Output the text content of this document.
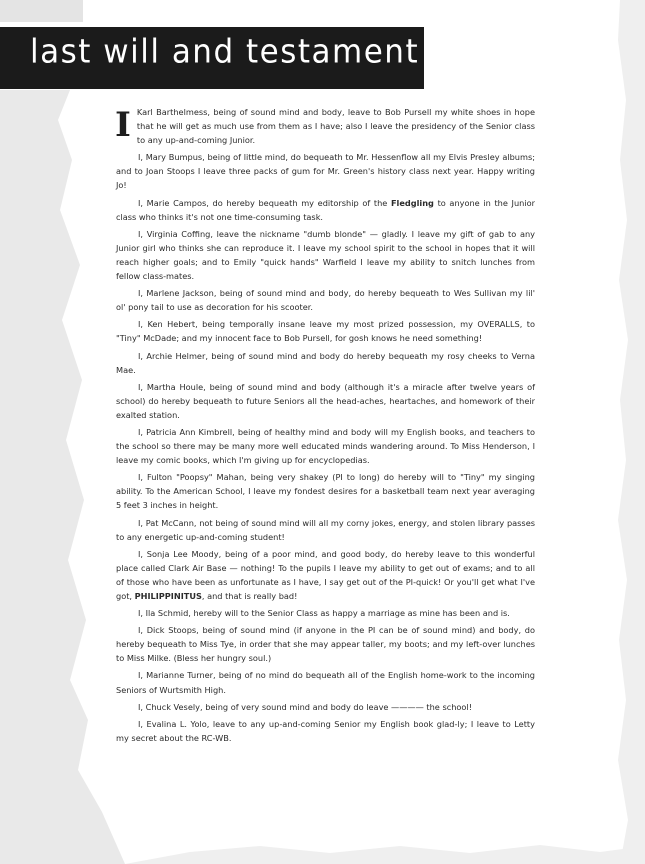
last will and testament

I Karl Barthelmess, being of sound mind and body, leave to Bob Pursell my white shoes in hope that he will get as much use from them as I have; also I leave the presidency of the Senior class to any up-and-coming Junior.

I, Mary Bumpus, being of little mind, do bequeath to Mr. Hessenflow all my Elvis Presley albums; and to Joan Stoops I leave three packs of gum for Mr. Green's history class next year. Happy writing Jo!

I, Marie Campos, do hereby bequeath my editorship of the Fledgling to anyone in the Junior class who thinks it's not one time-consuming task.

I, Virginia Coffing, leave the nickname "dumb blonde" — gladly. I leave my gift of gab to any Junior girl who thinks she can reproduce it. I leave my school spirit to the school in hopes that it will reach higher goals; and to Emily "quick hands" Warfield I leave my ability to snitch lunches from fellow class-mates.

I, Marlene Jackson, being of sound mind and body, do hereby bequeath to Wes Sullivan my lil' ol' pony tail to use as decoration for his scooter.

I, Ken Hebert, being temporally insane leave my most prized possession, my OVERALLS, to "Tiny" McDade; and my innocent face to Bob Pursell, for gosh knows he need something!

I, Archie Helmer, being of sound mind and body do hereby bequeath my rosy cheeks to Verna Mae.

I, Martha Houle, being of sound mind and body (although it's a miracle after twelve years of school) do hereby bequeath to future Seniors all the head-aches, heartaches, and homework of their exalted station.

I, Patricia Ann Kimbrell, being of healthy mind and body will my English books, and teachers to the school so there may be many more well educated minds wandering around. To Miss Henderson, I leave my comic books, which I'm giving up for encyclopedias.

I, Fulton "Poopsy" Mahan, being very shakey (PI to long) do hereby will to "Tiny" my singing ability. To the American School, I leave my fondest desires for a basketball team next year averaging 5 feet 3 inches in height.

I, Pat McCann, not being of sound mind will all my corny jokes, energy, and stolen library passes to any energetic up-and-coming student!

I, Sonja Lee Moody, being of a poor mind, and good body, do hereby leave to this wonderful place called Clark Air Base — nothing! To the pupils I leave my ability to get out of exams; and to all of those who have been as unfortunate as I have, I say get out of the PI-quick! Or you'll get what I've got, PHILIPPINITUS, and that is really bad!

I, Ila Schmid, hereby will to the Senior Class as happy a marriage as mine has been and is.

I, Dick Stoops, being of sound mind (if anyone in the PI can be of sound mind) and body, do hereby bequeath to Miss Tye, in order that she may appear taller, my boots; and my left-over lunches to Miss Milke. (Bless her hungry soul.)

I, Marianne Turner, being of no mind do bequeath all of the English home-work to the incoming Seniors of Wurtsmith High.

I, Chuck Vesely, being of very sound mind and body do leave ———— the school!

I, Evalina L. Yolo, leave to any up-and-coming Senior my English book glad-ly; I leave to Letty my secret about the RC-WB.
